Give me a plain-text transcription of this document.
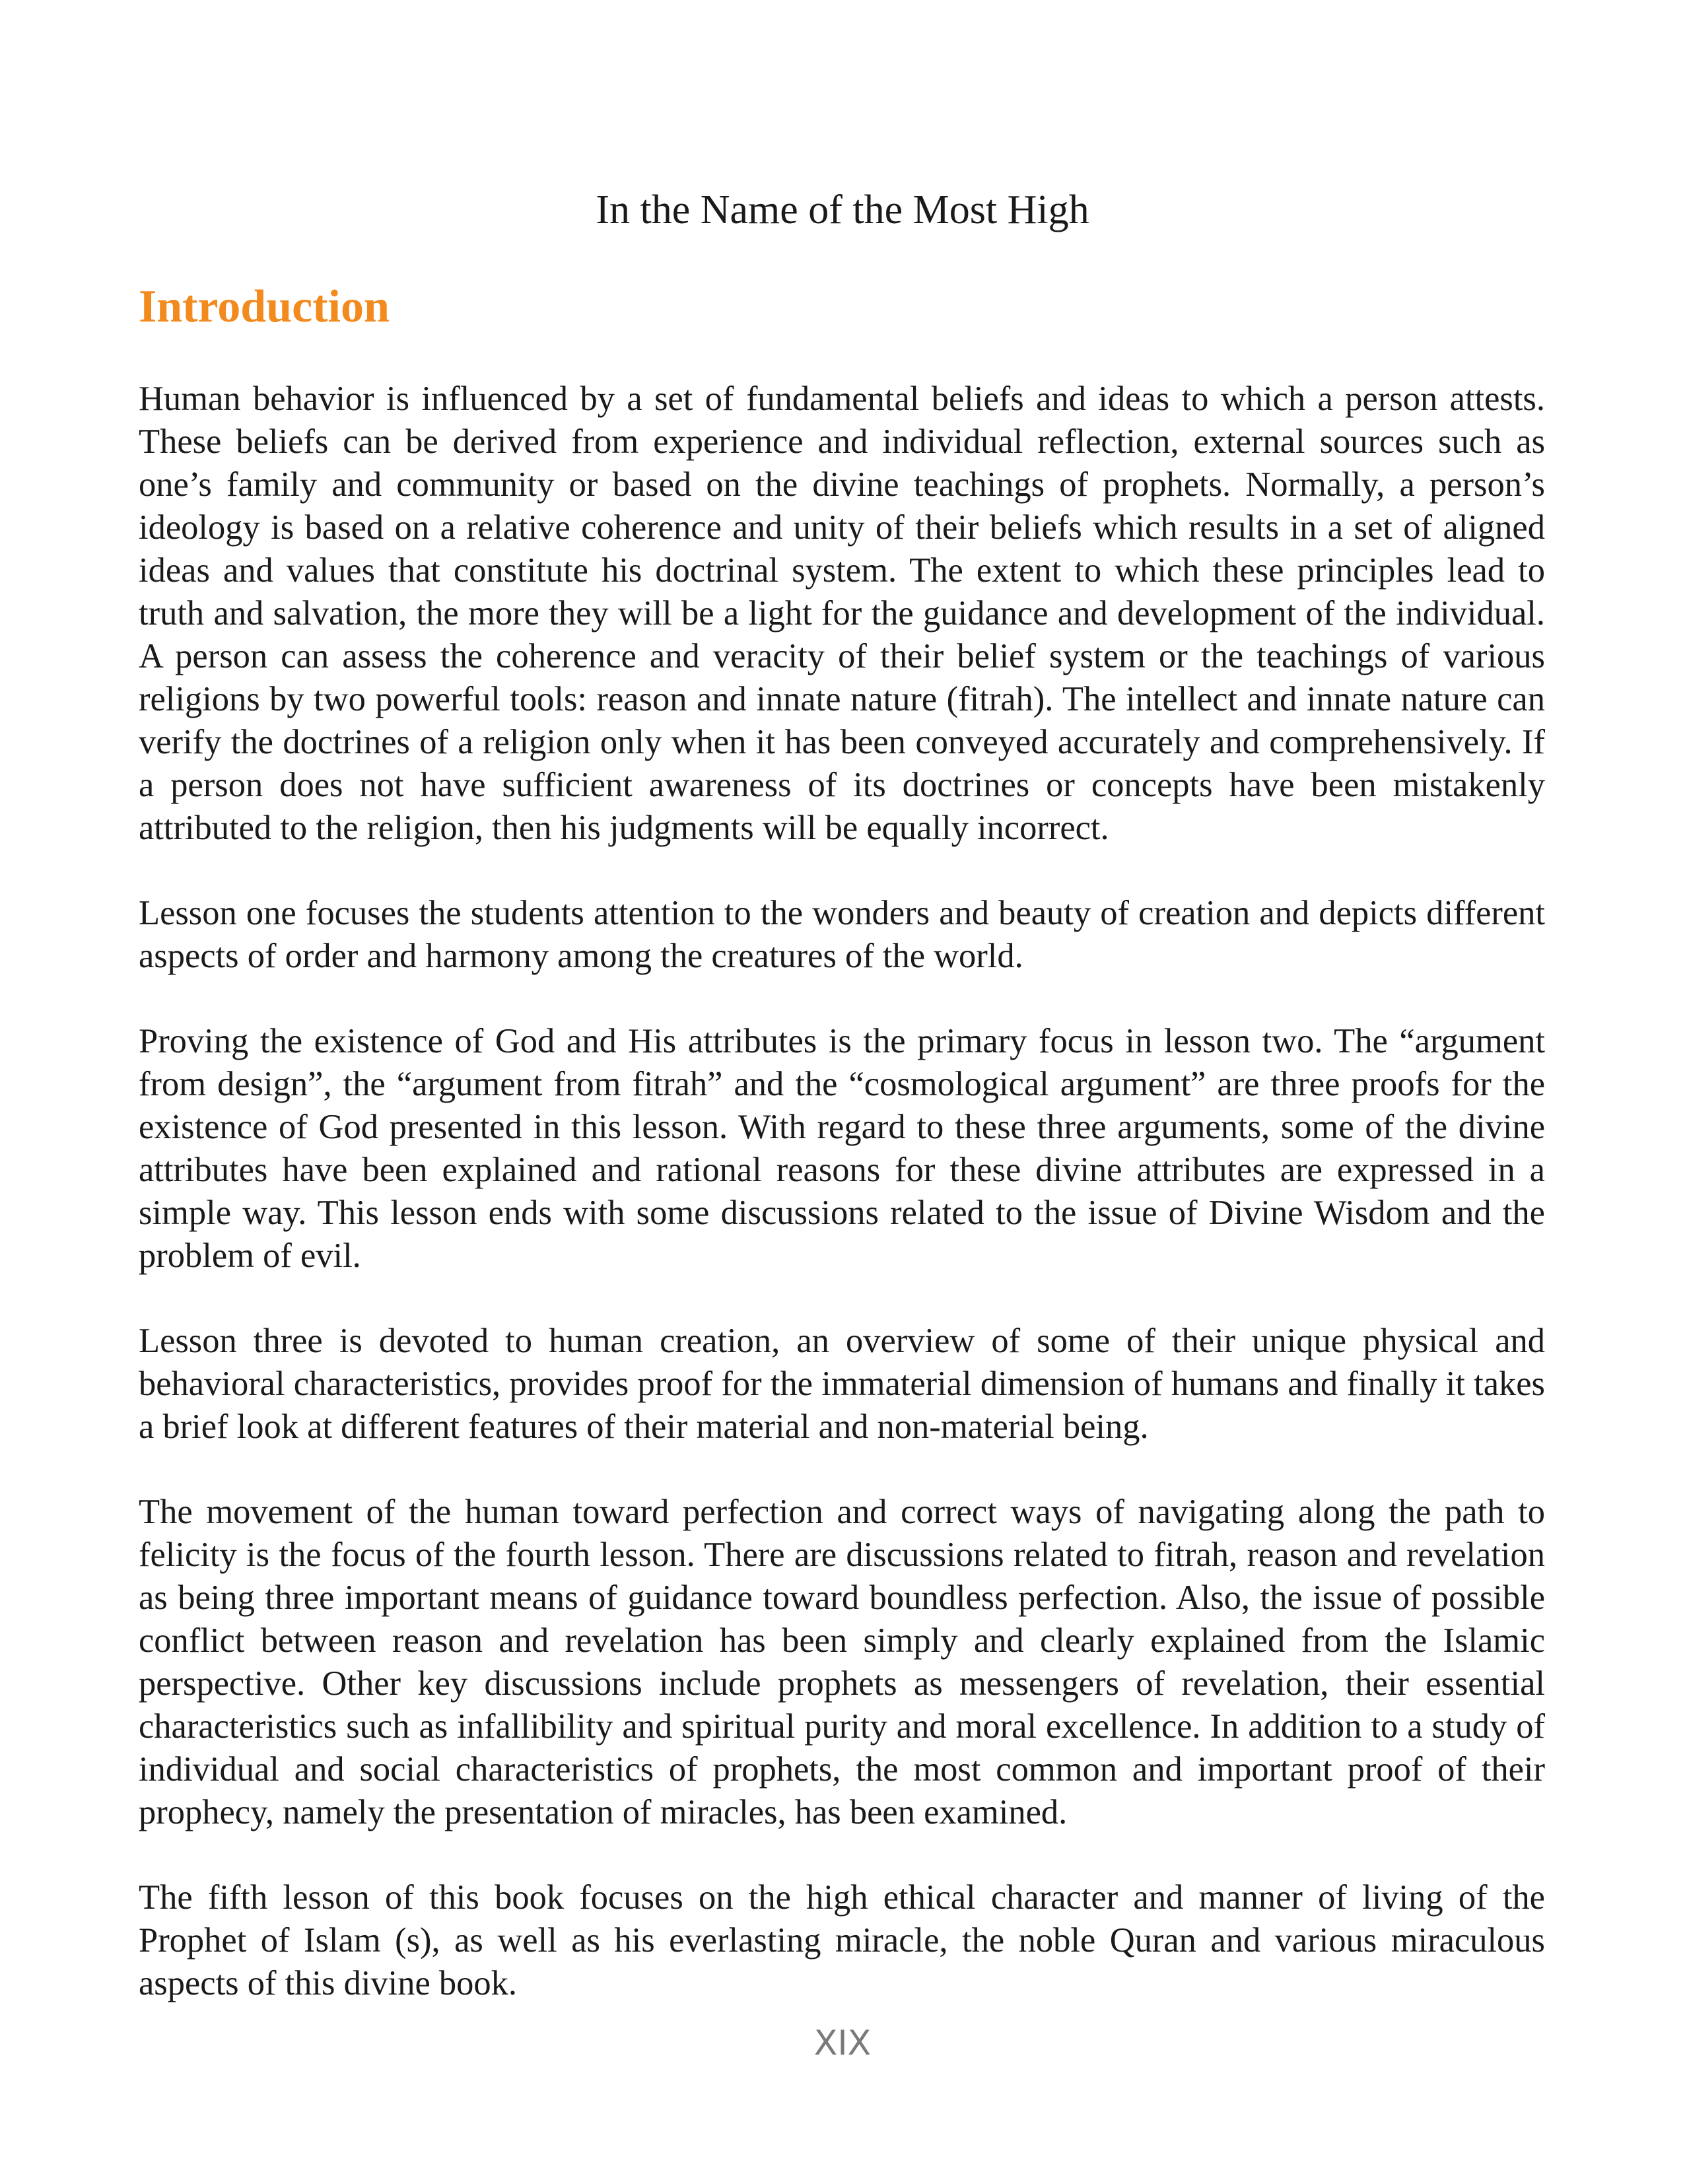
In the Name of the Most High
Introduction

Human behavior is influenced by a set of fundamental beliefs and ideas to which a person attests. These beliefs can be derived from experience and individual reflection, external sources such as one’s family and community or based on the divine teachings of prophets. Normally, a person’s ideology is based on a relative coherence and unity of their beliefs which results in a set of aligned ideas and values that constitute his doctrinal system. The extent to which these principles lead to truth and salvation, the more they will be a light for the guidance and development of the individual. A person can assess the coherence and veracity of their belief system or the teachings of various religions by two powerful tools: reason and innate nature (fitrah). The intellect and innate nature can verify the doctrines of a religion only when it has been conveyed accurately and comprehensively. If a person does not have sufficient awareness of its doctrines or concepts have been mistakenly attributed to the religion, then his judgments will be equally incorrect.

Lesson one focuses the students attention to the wonders and beauty of creation and depicts different aspects of order and harmony among the creatures of the world.

Proving the existence of God and His attributes is the primary focus in lesson two. The “argument from design”, the “argument from fitrah” and the “cosmological argument” are three proofs for the existence of God presented in this lesson. With regard to these three arguments, some of the divine attributes have been explained and rational reasons for these divine attributes are expressed in a simple way. This lesson ends with some discussions related to the issue of Divine Wisdom and the problem of evil.

Lesson three is devoted to human creation, an overview of some of their unique physical and behavioral characteristics, provides proof for the immaterial dimension of humans and finally it takes a brief look at different features of their material and non-material being.

The movement of the human toward perfection and correct ways of navigating along the path to felicity is the focus of the fourth lesson. There are discussions related to fitrah, reason and revelation as being three important means of guidance toward boundless perfection. Also, the issue of possible conflict between reason and revelation has been simply and clearly explained from the Islamic perspective. Other key discussions include prophets as messengers of revelation, their essential characteristics such as infallibility and spiritual purity and moral excellence. In addition to a study of individual and social characteristics of prophets, the most common and important proof of their prophecy, namely the presentation of miracles, has been examined.

The fifth lesson of this book focuses on the high ethical character and manner of living of the Prophet of Islam (s), as well as his everlasting miracle, the noble Quran and various miraculous aspects of this divine book.

XIX
